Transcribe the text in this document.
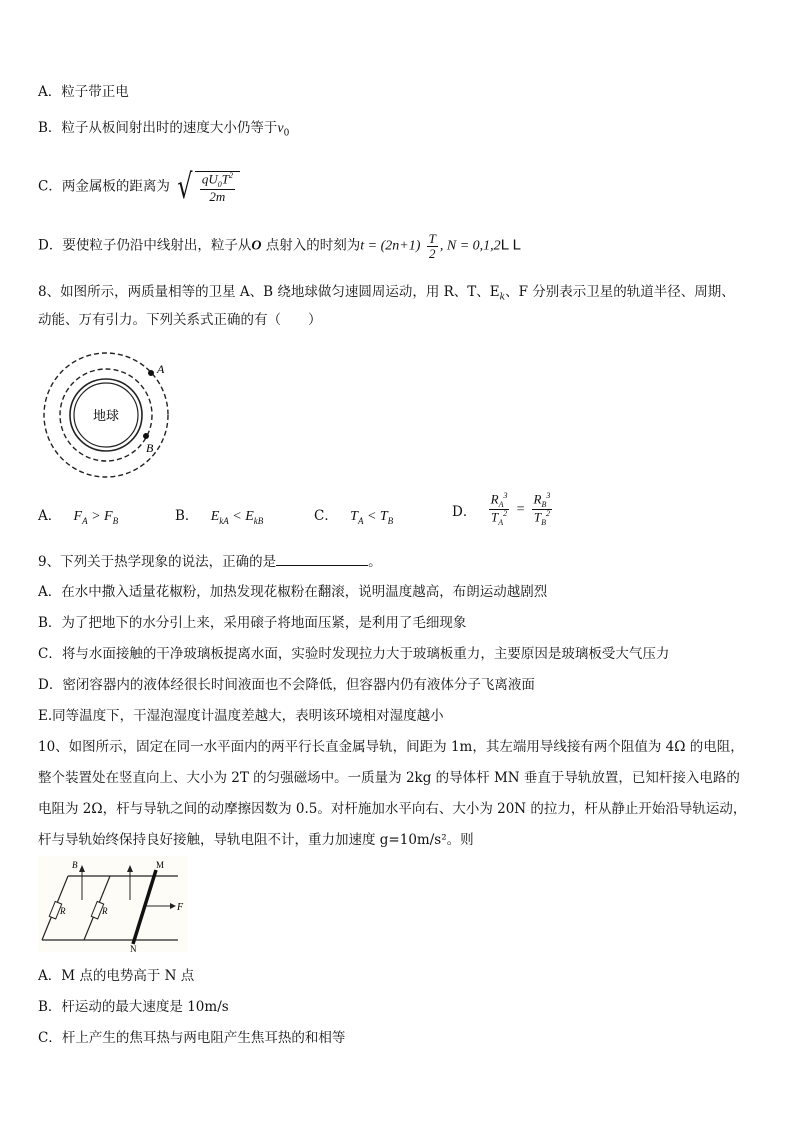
A．粒子带正电
B．粒子从板间射出时的速度大小仍等于$v_0$
C．两金属板的距离为 √ $\frac{qU_0T^2}{2m}$
D．要使粒子仍沿中线射出，粒子从O 点射入的时刻为$t = (2n+1) \frac{T}{2}$ , N = 0,1,2L L
8、如图所示，两质量相等的卫星 A、B 绕地球做匀速圆周运动，用 R、T、$E_k$、F 分别表示卫星的轨道半径、周期、
动能、万有引力。下列关系式正确的有（　　）
地球
A
B
A． $F_A > F_B$	B． $E_{kA} < E_{kB}$	C． $T_A < T_B$
D． $\frac{R_A^3}{T_A^2} = \frac{R_B^3}{T_B^2}$
9、下列关于热学现象的说法，正确的是	。
A．在水中撒入适量花椒粉，加热发现花椒粉在翻滚，说明温度越高，布朗运动越剧烈
B．为了把地下的水分引上来，采用磙子将地面压紧，是利用了毛细现象
C．将与水面接触的干净玻璃板提离水面，实验时发现拉力大于玻璃板重力，主要原因是玻璃板受大气压力
D．密闭容器内的液体经很长时间液面也不会降低，但容器内仍有液体分子飞离液面
E.同等温度下，干湿泡湿度计温度差越大，表明该环境相对湿度越小
10、如图所示，固定在同一水平面内的两平行长直金属导轨，间距为 1m，其左端用导线接有两个阻值为 4Ω 的电阻，
整个装置处在竖直向上、大小为 2T 的匀强磁场中。一质量为 2kg 的导体杆 MN 垂直于导轨放置，已知杆接入电路的
电阻为 2Ω，杆与导轨之间的动摩擦因数为 0.5。对杆施加水平向右、大小为 20N 的拉力，杆从静止开始沿导轨运动，
杆与导轨始终保持良好接触，导轨电阻不计，重力加速度 g=10m/s²。则
R	R
M
N
F
B
A．M 点的电势高于 N 点
B．杆运动的最大速度是 10m/s
C．杆上产生的焦耳热与两电阻产生焦耳热的和相等
